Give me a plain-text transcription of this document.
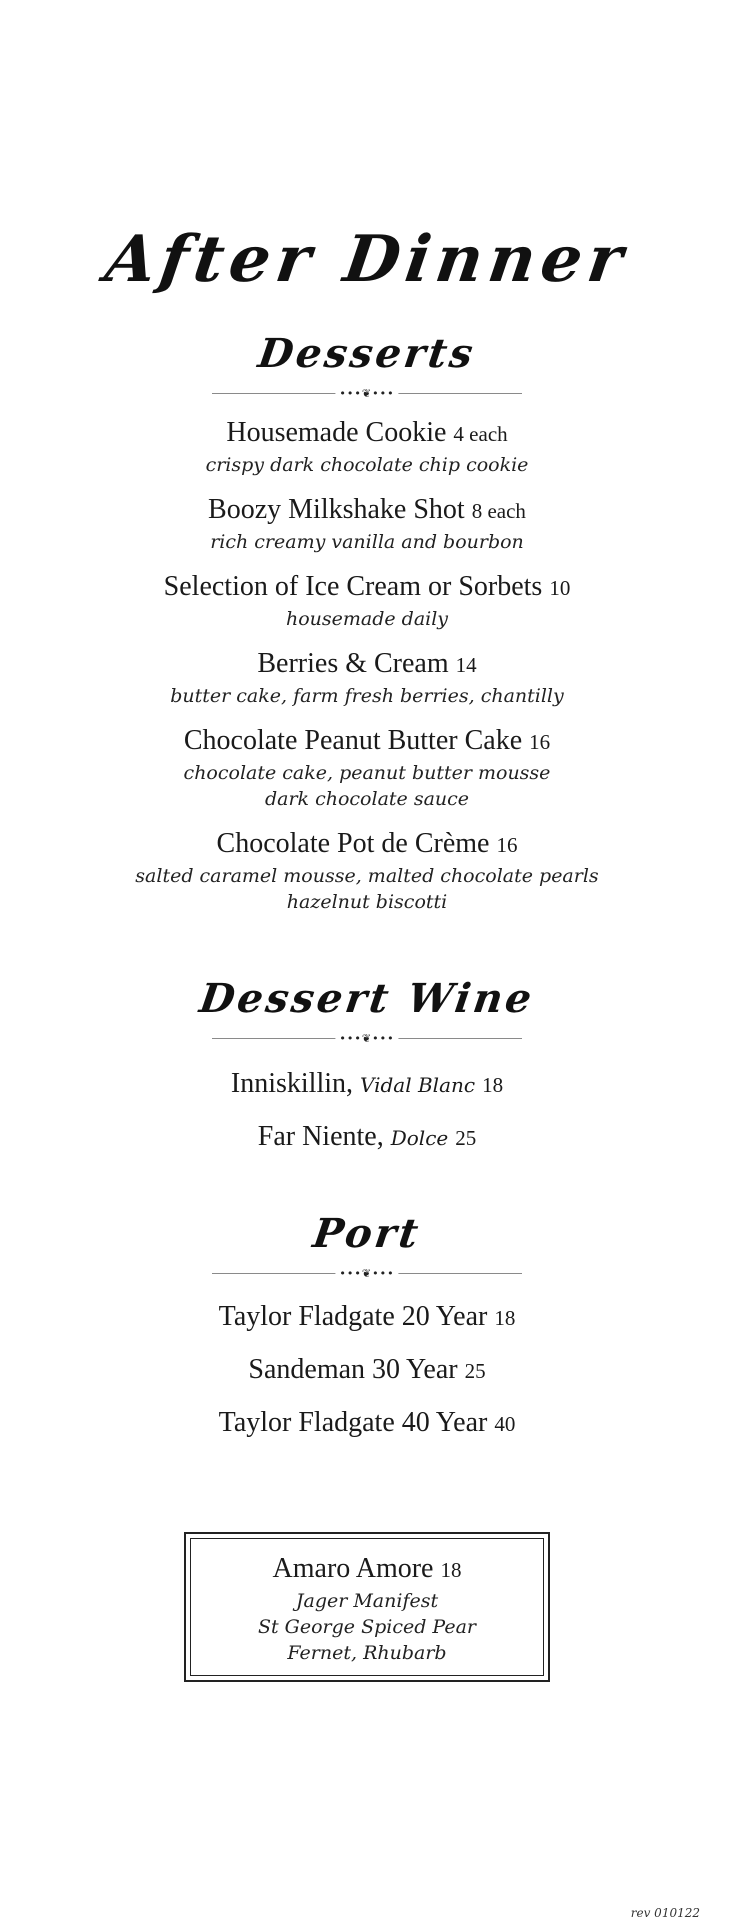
After Dinner
Desserts
•••❦•••
Housemade Cookie 4 each
crispy dark chocolate chip cookie
Boozy Milkshake Shot 8 each
rich creamy vanilla and bourbon
Selection of Ice Cream or Sorbets 10
housemade daily
Berries & Cream 14
butter cake, farm fresh berries, chantilly
Chocolate Peanut Butter Cake 16
chocolate cake, peanut butter mousse
dark chocolate sauce
Chocolate Pot de Crème 16
salted caramel mousse, malted chocolate pearls
hazelnut biscotti
Dessert Wine
•••❦•••
Inniskillin, Vidal Blanc 18
Far Niente, Dolce 25
Port
•••❦•••
Taylor Fladgate 20 Year 18
Sandeman 30 Year 25
Taylor Fladgate 40 Year 40
Amaro Amore 18
Jager Manifest
St George Spiced Pear
Fernet, Rhubarb
rev 010122
